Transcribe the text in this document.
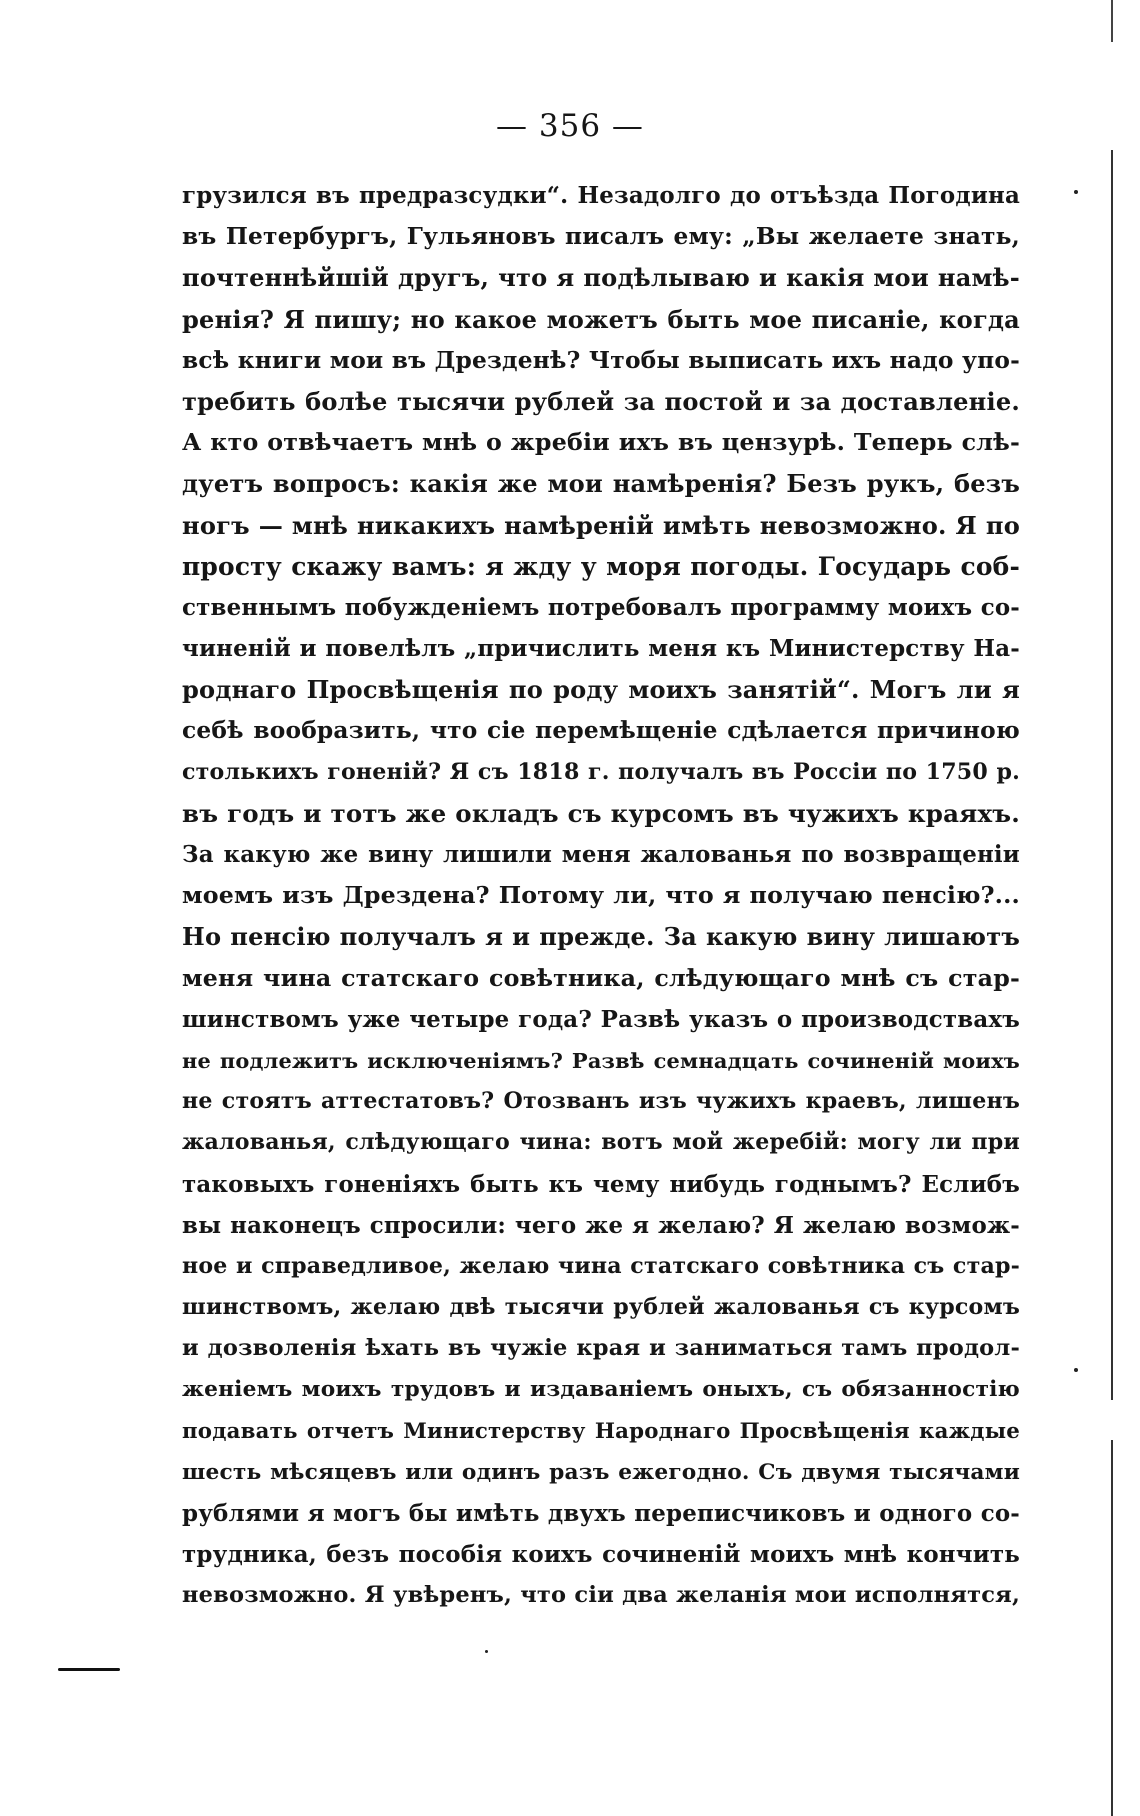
— 356 —
грузился въ предразсудки“. Незадолго до отъѣзда Погодина
въ Петербургъ, Гульяновъ писалъ ему: „Вы желаете знать,
почтеннѣйшій другъ, что я подѣлываю и какія мои намѣ-
ренія? Я пишу; но какое можетъ быть мое писаніе, когда
всѣ книги мои въ Дрезденѣ? Чтобы выписать ихъ надо упо-
требить болѣе тысячи рублей за постой и за доставленіе.
А кто отвѣчаетъ мнѣ о жребіи ихъ въ цензурѣ. Теперь слѣ-
дуетъ вопросъ: какія же мои намѣренія? Безъ рукъ, безъ
ногъ — мнѣ никакихъ намѣреній имѣть невозможно. Я по
просту скажу вамъ: я жду у моря погоды. Государь соб-
ственнымъ побужденіемъ потребовалъ программу моихъ со-
чиненій и повелѣлъ „причислить меня къ Министерству На-
роднаго Просвѣщенія по роду моихъ занятій“. Могъ ли я
себѣ вообразить, что сіе перемѣщеніе сдѣлается причиною
столькихъ гоненій? Я съ 1818 г. получалъ въ Россіи по 1750 р.
въ годъ и тотъ же окладъ съ курсомъ въ чужихъ краяхъ.
За какую же вину лишили меня жалованья по возвращеніи
моемъ изъ Дрездена? Потому ли, что я получаю пенсію?...
Но пенсію получалъ я и прежде. За какую вину лишаютъ
меня чина статскаго совѣтника, слѣдующаго мнѣ съ стар-
шинствомъ уже четыре года? Развѣ указъ о производствахъ
не подлежитъ исключеніямъ? Развѣ семнадцать сочиненій моихъ
не стоятъ аттестатовъ? Отозванъ изъ чужихъ краевъ, лишенъ
жалованья, слѣдующаго чина: вотъ мой жеребій: могу ли при
таковыхъ гоненіяхъ быть къ чему нибудь годнымъ? Еслибъ
вы наконецъ спросили: чего же я желаю? Я желаю возмож-
ное и справедливое, желаю чина статскаго совѣтника съ стар-
шинствомъ, желаю двѣ тысячи рублей жалованья съ курсомъ
и дозволенія ѣхать въ чужіе края и заниматься тамъ продол-
женіемъ моихъ трудовъ и издаваніемъ оныхъ, съ обязанностію
подавать отчетъ Министерству Народнаго Просвѣщенія каждые
шесть мѣсяцевъ или одинъ разъ ежегодно. Съ двумя тысячами
рублями я могъ бы имѣть двухъ переписчиковъ и одного со-
трудника, безъ пособія коихъ сочиненій моихъ мнѣ кончить
невозможно. Я увѣренъ, что сіи два желанія мои исполнятся,
